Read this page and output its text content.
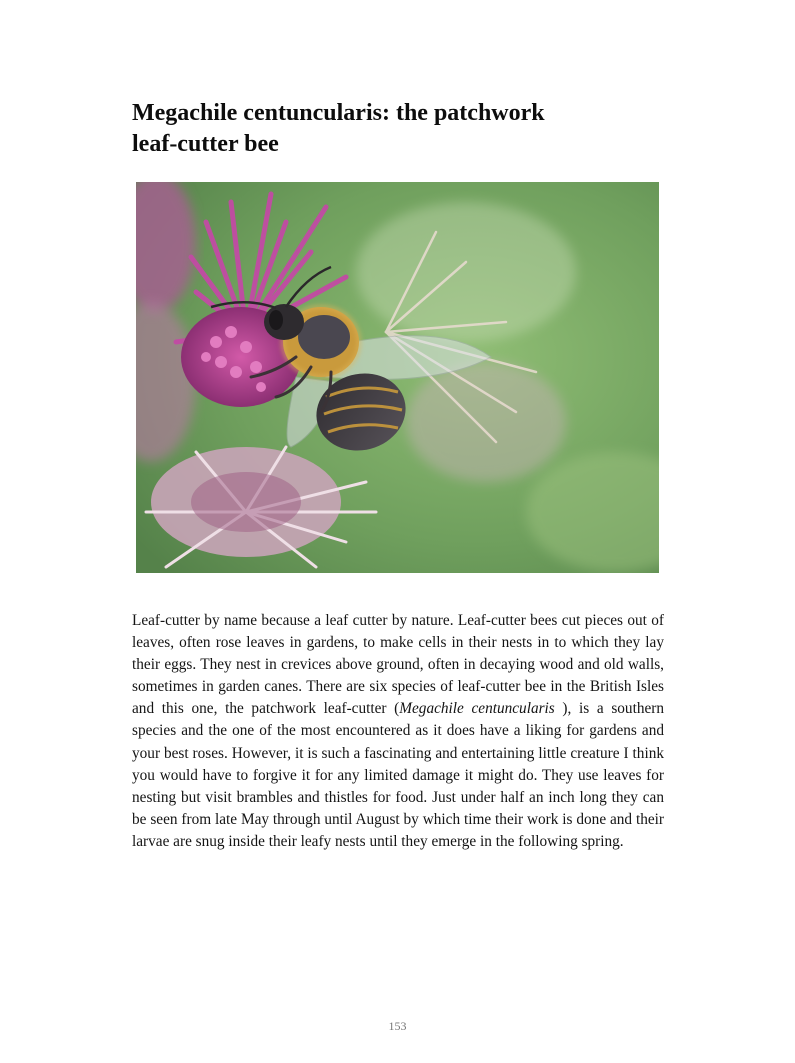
Megachile centuncularis: the patchwork
leaf-cutter bee

Leaf-cutter by name because a leaf cutter by nature. Leaf-cutter bees cut pieces out of leaves, often rose leaves in gardens, to make cells in their nests in to which they lay their eggs. They nest in crevices above ground, often in decaying wood and old walls, sometimes in garden canes. There are six species of leaf-cutter bee in the British Isles and this one, the patchwork leaf-cutter (Megachile centuncularis ), is a southern species and the one of the most encountered as it does have a liking for gardens and your best roses. However, it is such a fascinating and entertaining little creature I think you would have to forgive it for any limited damage it might do. They use leaves for nesting but visit brambles and thistles for food. Just under half an inch long they can be seen from late May through until August by which time their work is done and their larvae are snug inside their leafy nests until they emerge in the following spring.

153
